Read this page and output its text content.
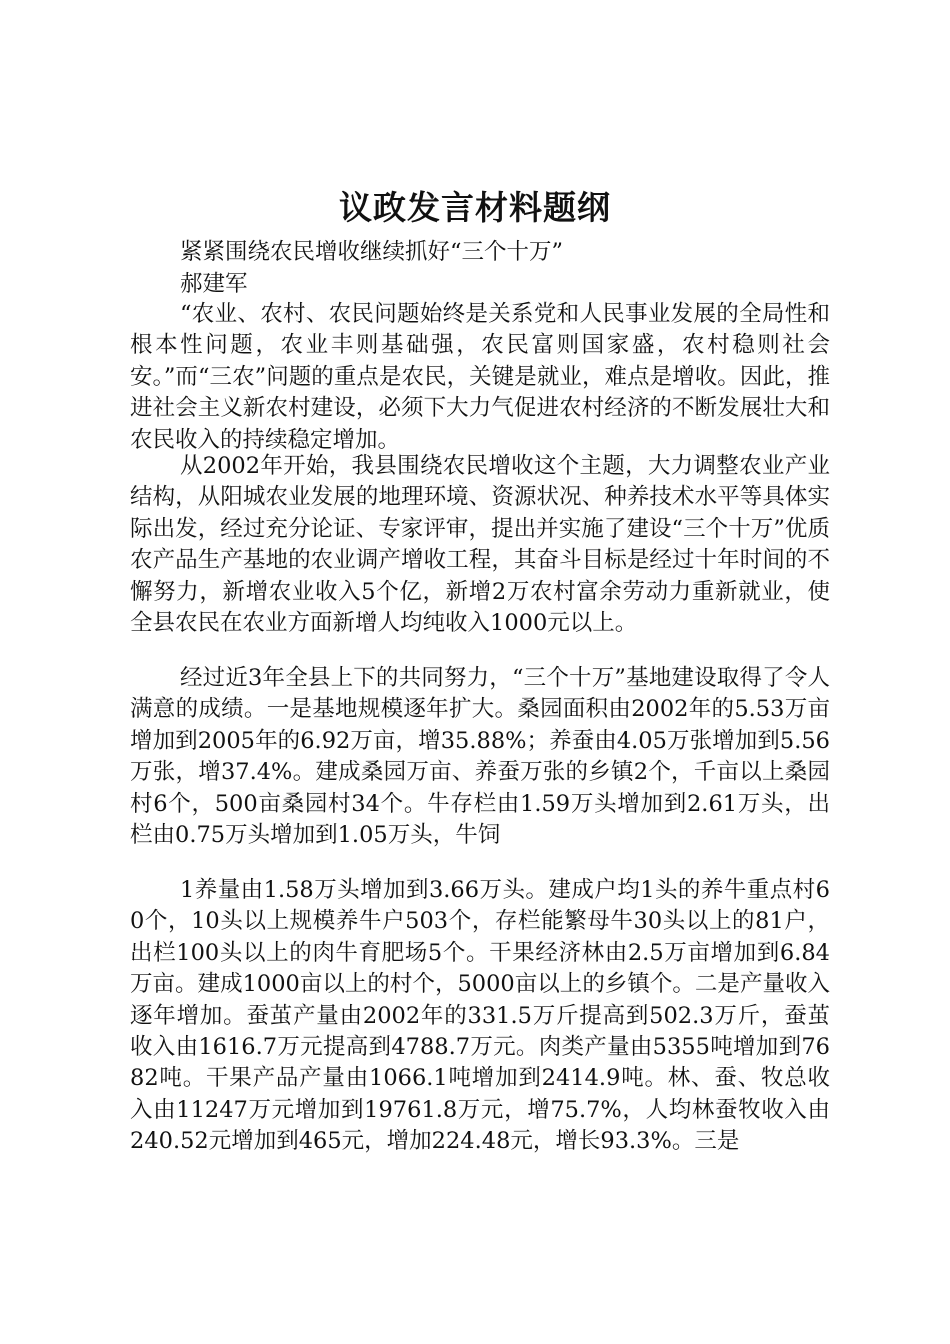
议政发言材料题纲

紧紧围绕农民增收继续抓好“三个十万”

郝建军

“农业、农村、农民问题始终是关系党和人民事业发展的全局性和根本性问题，农业丰则基础强，农民富则国家盛，农村稳则社会安。”而“三农”问题的重点是农民，关键是就业，难点是增收。因此，推进社会主义新农村建设，必须下大力气促进农村经济的不断发展壮大和农民收入的持续稳定增加。

从2002年开始，我县围绕农民增收这个主题，大力调整农业产业结构，从阳城农业发展的地理环境、资源状况、种养技术水平等具体实际出发，经过充分论证、专家评审，提出并实施了建设“三个十万”优质农产品生产基地的农业调产增收工程，其奋斗目标是经过十年时间的不懈努力，新增农业收入5个亿，新增2万农村富余劳动力重新就业，使全县农民在农业方面新增人均纯收入1000元以上。

经过近3年全县上下的共同努力，“三个十万”基地建设取得了令人满意的成绩。一是基地规模逐年扩大。桑园面积由2002年的5.53万亩增加到2005年的6.92万亩，增35.88%；养蚕由4.05万张增加到5.56万张，增37.4%。建成桑园万亩、养蚕万张的乡镇2个，千亩以上桑园村6个，500亩桑园村34个。牛存栏由1.59万头增加到2.61万头，出栏由0.75万头增加到1.05万头，牛饲

1养量由1.58万头增加到3.66万头。建成户均1头的养牛重点村60个，10头以上规模养牛户503个，存栏能繁母牛30头以上的81户，出栏100头以上的肉牛育肥场5个。干果经济林由2.5万亩增加到6.84万亩。建成1000亩以上的村个，5000亩以上的乡镇个。二是产量收入逐年增加。蚕茧产量由2002年的331.5万斤提高到502.3万斤，蚕茧收入由1616.7万元提高到4788.7万元。肉类产量由5355吨增加到7682吨。干果产品产量由1066.1吨增加到2414.9吨。林、蚕、牧总收入由11247万元增加到19761.8万元，增75.7%，人均林蚕牧收入由240.52元增加到465元，增加224.48元，增长93.3%。三是
